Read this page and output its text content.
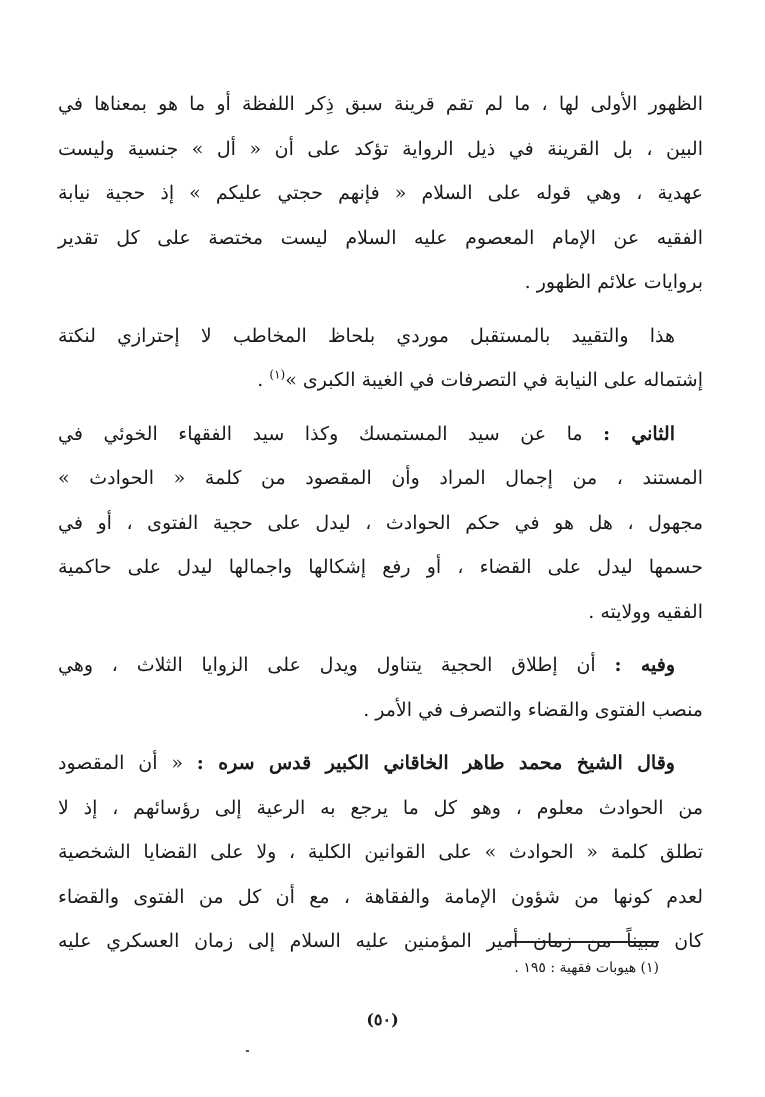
الظهور الأولى لها ، ما لم تقم قرينة سبق ذِكر اللفظة أو ما هو بمعناها في
البين ، بل القرينة في ذيل الرواية تؤكد على أن « أل » جنسية وليست
عهدية ، وهي قوله على السلام « فإنهم حجتي عليكم » إذ حجية نيابة
الفقيه عن الإمام المعصوم عليه السلام ليست مختصة على كل تقدير
بروايات علائم الظهور .

هذا والتقييد بالمستقبل موردي بلحاظ المخاطب لا إحترازي لنكتة
إشتماله على النيابة في التصرفات في الغيبة الكبرى »$^{(١)}$ .

الثاني : ما عن سيد المستمسك وكذا سيد الفقهاء الخوئي في
المستند ، من إجمال المراد وأن المقصود من كلمة « الحوادث »
مجهول ، هل هو في حكم الحوادث ، ليدل على حجية الفتوى ، أو في
حسمها ليدل على القضاء ، أو رفع إشكالها واجمالها ليدل على حاكمية
الفقيه وولايته .

وفيه : أن إطلاق الحجية يتناول ويدل على الزوايا الثلاث ، وهي
منصب الفتوى والقضاء والتصرف في الأمر .

وقال الشيخ محمد طاهر الخاقاني الكبير قدس سره : « أن المقصود
من الحوادث معلوم ، وهو كل ما يرجع به الرعية إلى رؤسائهم ، إذ لا
تطلق كلمة « الحوادث » على القوانين الكلية ، ولا على القضايا الشخصية
لعدم كونها من شؤون الإمامة والفقاهة ، مع أن كل من الفتوى والقضاء
كان مبيناً من زمان أمير المؤمنين عليه السلام إلى زمان العسكري عليه

(١) هيوبات فقهية : ١٩٥ .
(٥٠)
